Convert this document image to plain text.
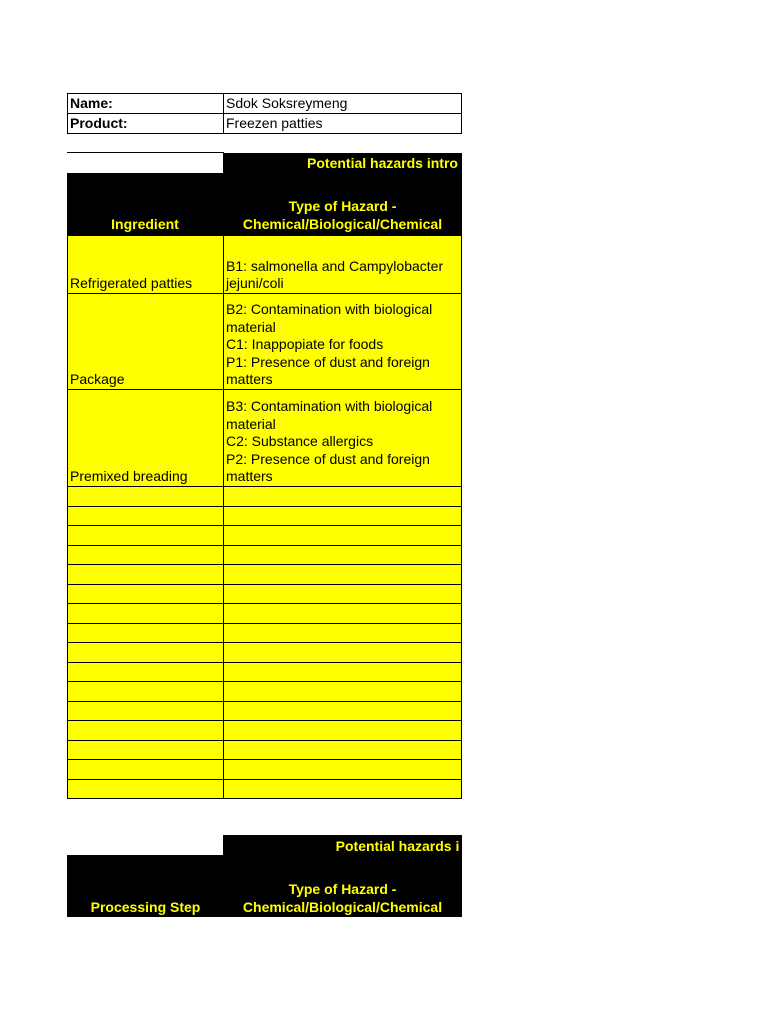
Name:	Sdok Soksreymeng
Product:	Freezen patties
Potential hazards intro
Ingredient
Type of Hazard -
Chemical/Biological/Chemical
Refrigerated patties
B1: salmonella and Campylobacter
jejuni/coli
Package
B2: Contamination with biological
material
C1: Inappopiate for foods
P1: Presence of dust and foreign
matters
Premixed breading
B3: Contamination with biological
material
C2: Substance allergics
P2: Presence of dust and foreign
matters
Potential hazards i
Processing Step
Type of Hazard -
Chemical/Biological/Chemical
